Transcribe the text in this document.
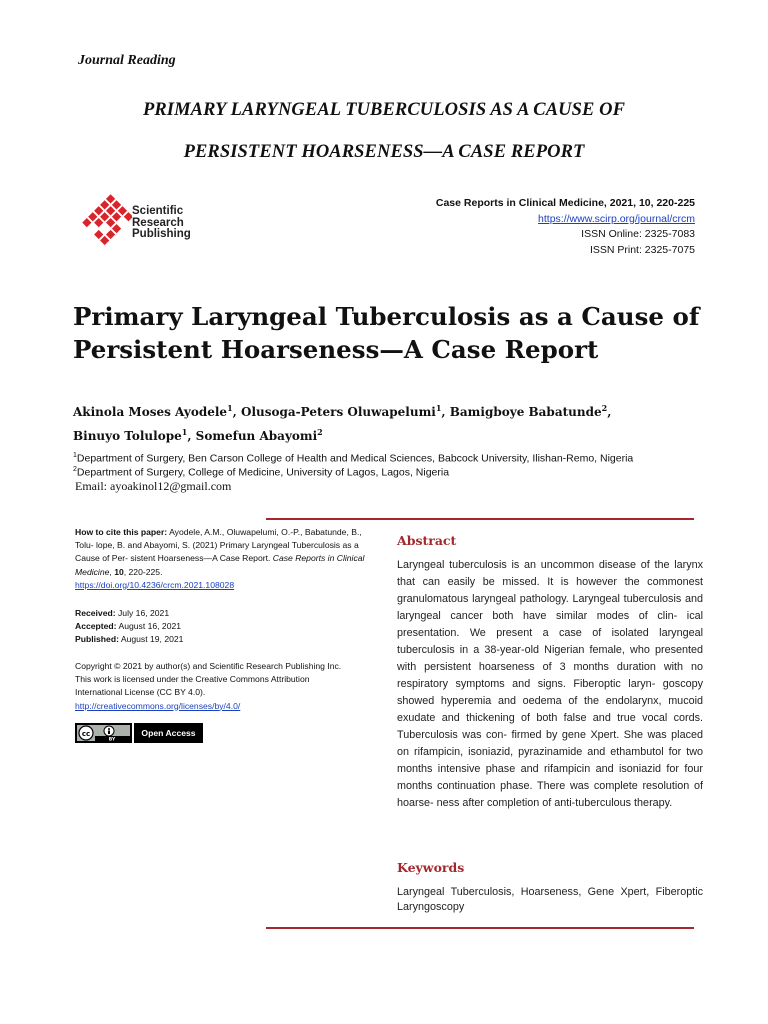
Journal Reading
PRIMARY LARYNGEAL TUBERCULOSIS AS A CAUSE OF
PERSISTENT HOARSENESS—A CASE REPORT
Scientific
Research
Publishing
Case Reports in Clinical Medicine, 2021, 10, 220-225
https://www.scirp.org/journal/crcm
ISSN Online: 2325-7083
ISSN Print: 2325-7075
Primary Laryngeal Tuberculosis as a Cause of
Persistent Hoarseness—A Case Report
Akinola Moses Ayodele$^1$, Olusoga-Peters Oluwapelumi$^1$, Bamigboye Babatunde$^2$,
Binuyo Tolulope$^1$, Somefun Abayomi$^2$
$^1$Department of Surgery, Ben Carson College of Health and Medical Sciences, Babcock University, Ilishan-Remo, Nigeria
$^2$Department of Surgery, College of Medicine, University of Lagos, Lagos, Nigeria
Email: ayoakinol12@gmail.com
How to cite this paper: Ayodele, A.M., Oluwapelumi, O.-P., Babatunde, B., Tolu- lope, B. and Abayomi, S. (2021) Primary Laryngeal Tuberculosis as a Cause of Per- sistent Hoarseness—A Case Report. Case Reports in Clinical Medicine, 10, 220-225.
https://doi.org/10.4236/crcm.2021.108028
Received: July 16, 2021
Accepted: August 16, 2021
Published: August 19, 2021
Copyright © 2021 by author(s) and Scientific Research Publishing Inc.
This work is licensed under the Creative Commons Attribution International License (CC BY 4.0).
http://creativecommons.org/licenses/by/4.0/
cc
BY
Open Access
Abstract
Laryngeal tuberculosis is an uncommon disease of the larynx that can easily be missed. It is however the commonest granulomatous laryngeal pathology. Laryngeal tuberculosis and laryngeal cancer both have similar modes of clin- ical presentation. We present a case of isolated laryngeal tuberculosis in a 38-year-old Nigerian female, who presented with persistent hoarseness of 3 months duration with no respiratory symptoms and signs. Fiberoptic laryn- goscopy showed hyperemia and oedema of the endolarynx, mucoid exudate and thickening of both false and true vocal cords. Tuberculosis was con- firmed by gene Xpert. She was placed on rifampicin, isoniazid, pyrazinamide and ethambutol for two months intensive phase and rifampicin and isoniazid for four months continuation phase. There was complete resolution of hoarse- ness after completion of anti-tuberculous therapy.
Keywords
Laryngeal Tuberculosis, Hoarseness, Gene Xpert, Fiberoptic Laryngoscopy
